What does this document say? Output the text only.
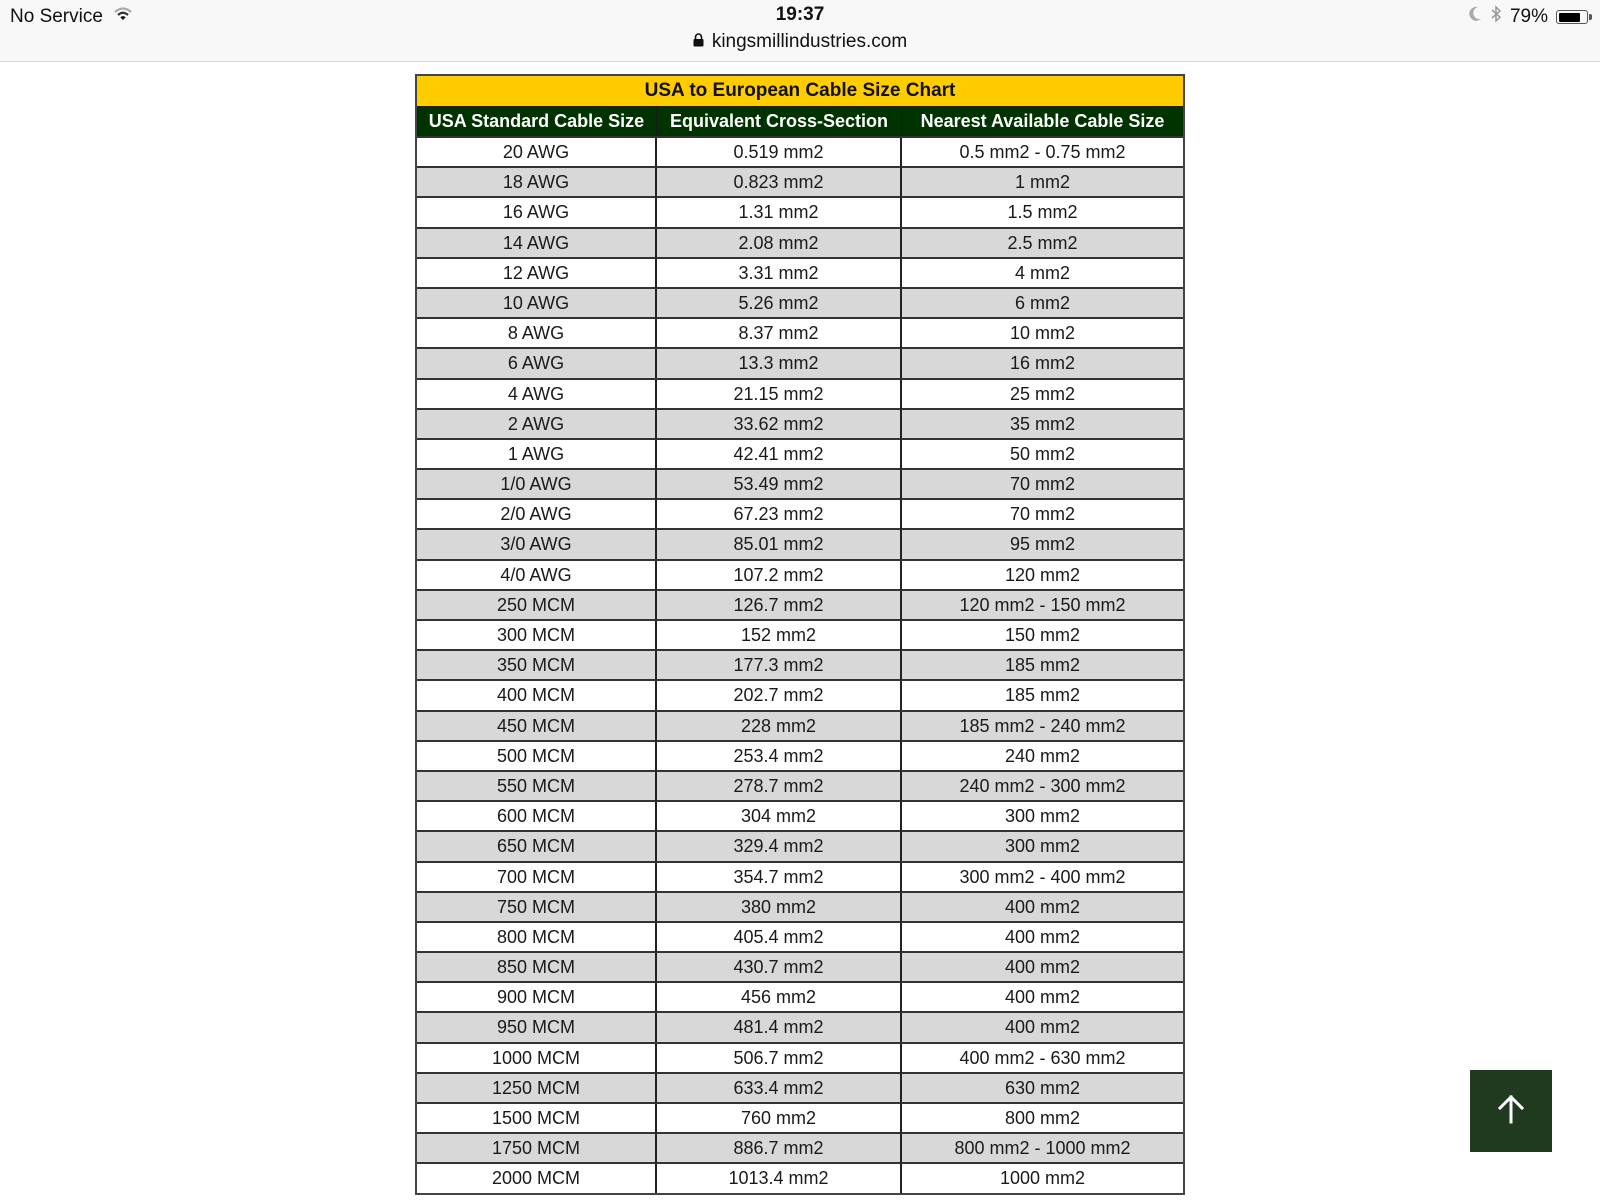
No Service	19:37
kingsmillindustries.com
79%
USA to European Cable Size Chart
USA Standard Cable Size	Equivalent Cross-Section	Nearest Available Cable Size
20 AWG	0.519 mm2	0.5 mm2 - 0.75 mm2
18 AWG	0.823 mm2	1 mm2
16 AWG	1.31 mm2	1.5 mm2
14 AWG	2.08 mm2	2.5 mm2
12 AWG	3.31 mm2	4 mm2
10 AWG	5.26 mm2	6 mm2
8 AWG	8.37 mm2	10 mm2
6 AWG	13.3 mm2	16 mm2
4 AWG	21.15 mm2	25 mm2
2 AWG	33.62 mm2	35 mm2
1 AWG	42.41 mm2	50 mm2
1/0 AWG	53.49 mm2	70 mm2
2/0 AWG	67.23 mm2	70 mm2
3/0 AWG	85.01 mm2	95 mm2
4/0 AWG	107.2 mm2	120 mm2
250 MCM	126.7 mm2	120 mm2 - 150 mm2
300 MCM	152 mm2	150 mm2
350 MCM	177.3 mm2	185 mm2
400 MCM	202.7 mm2	185 mm2
450 MCM	228 mm2	185 mm2 - 240 mm2
500 MCM	253.4 mm2	240 mm2
550 MCM	278.7 mm2	240 mm2 - 300 mm2
600 MCM	304 mm2	300 mm2
650 MCM	329.4 mm2	300 mm2
700 MCM	354.7 mm2	300 mm2 - 400 mm2
750 MCM	380 mm2	400 mm2
800 MCM	405.4 mm2	400 mm2
850 MCM	430.7 mm2	400 mm2
900 MCM	456 mm2	400 mm2
950 MCM	481.4 mm2	400 mm2
1000 MCM	506.7 mm2	400 mm2 - 630 mm2
1250 MCM	633.4 mm2	630 mm2
1500 MCM	760 mm2	800 mm2
1750 MCM	886.7 mm2	800 mm2 - 1000 mm2
2000 MCM	1013.4 mm2	1000 mm2
